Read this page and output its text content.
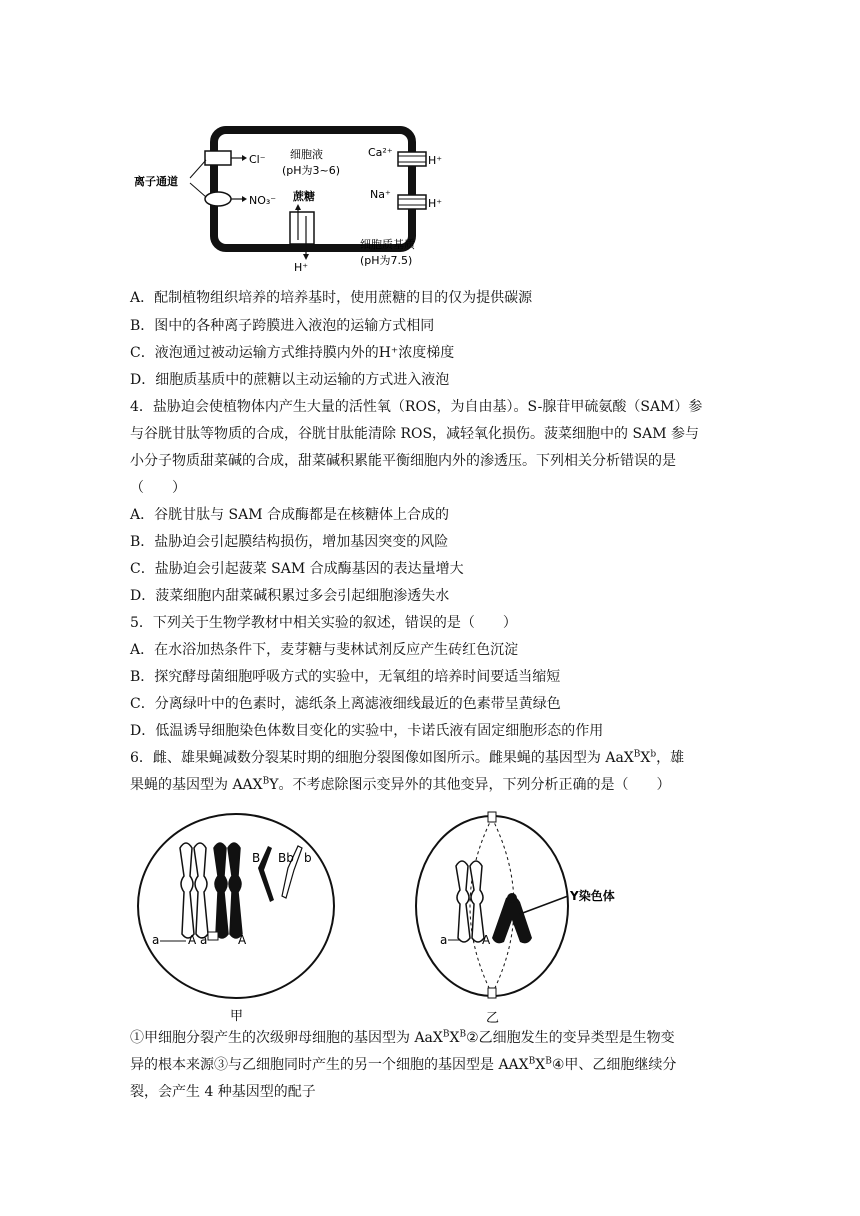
Cl⁻
NO₃⁻
离子通道
细胞液
(pH为3~6)
蔗糖
H⁺
细胞质基质
(pH为7.5)
Ca²⁺
H⁺
Na⁺
H⁺
A．配制植物组织培养的培养基时，使用蔗糖的目的仅为提供碳源
B．图中的各种离子跨膜进入液泡的运输方式相同
C．液泡通过被动运输方式维持膜内外的H⁺浓度梯度
D．细胞质基质中的蔗糖以主动运输的方式进入液泡
4．盐胁迫会使植物体内产生大量的活性氧（ROS，为自由基）。S-腺苷甲硫氨酸（SAM）参
与谷胱甘肽等物质的合成，谷胱甘肽能清除 ROS，减轻氧化损伤。菠菜细胞中的 SAM 参与
小分子物质甜菜碱的合成，甜菜碱积累能平衡细胞内外的渗透压。下列相关分析错误的是
（　　）
A．谷胱甘肽与 SAM 合成酶都是在核糖体上合成的
B．盐胁迫会引起膜结构损伤，增加基因突变的风险
C．盐胁迫会引起菠菜 SAM 合成酶基因的表达量增大
D．菠菜细胞内甜菜碱积累过多会引起细胞渗透失水
5．下列关于生物学教材中相关实验的叙述，错误的是（　　）
A．在水浴加热条件下，麦芽糖与斐林试剂反应产生砖红色沉淀
B．探究酵母菌细胞呼吸方式的实验中，无氧组的培养时间要适当缩短
C．分离绿叶中的色素时，滤纸条上离滤液细线最近的色素带呈黄绿色
D．低温诱导细胞染色体数目变化的实验中，卡诺氏液有固定细胞形态的作用
6．雌、雄果蝇减数分裂某时期的细胞分裂图像如图所示。雌果蝇的基因型为 $AaX^BX^b$，雄
果蝇的基因型为 $AAX^BY$。不考虑除图示变异外的其他变异，下列分析正确的是（　　）
a A a	A
B Bb b
甲
Y染色体
a	A
乙
①甲细胞分裂产生的次级卵母细胞的基因型为 $AaX^BX^B②$乙细胞发生的变异类型是生物变
异的根本来源③与乙细胞同时产生的另一个细胞的基因型是 $AAX^BX^B④$甲、乙细胞继续分
裂，会产生 4 种基因型的配子
